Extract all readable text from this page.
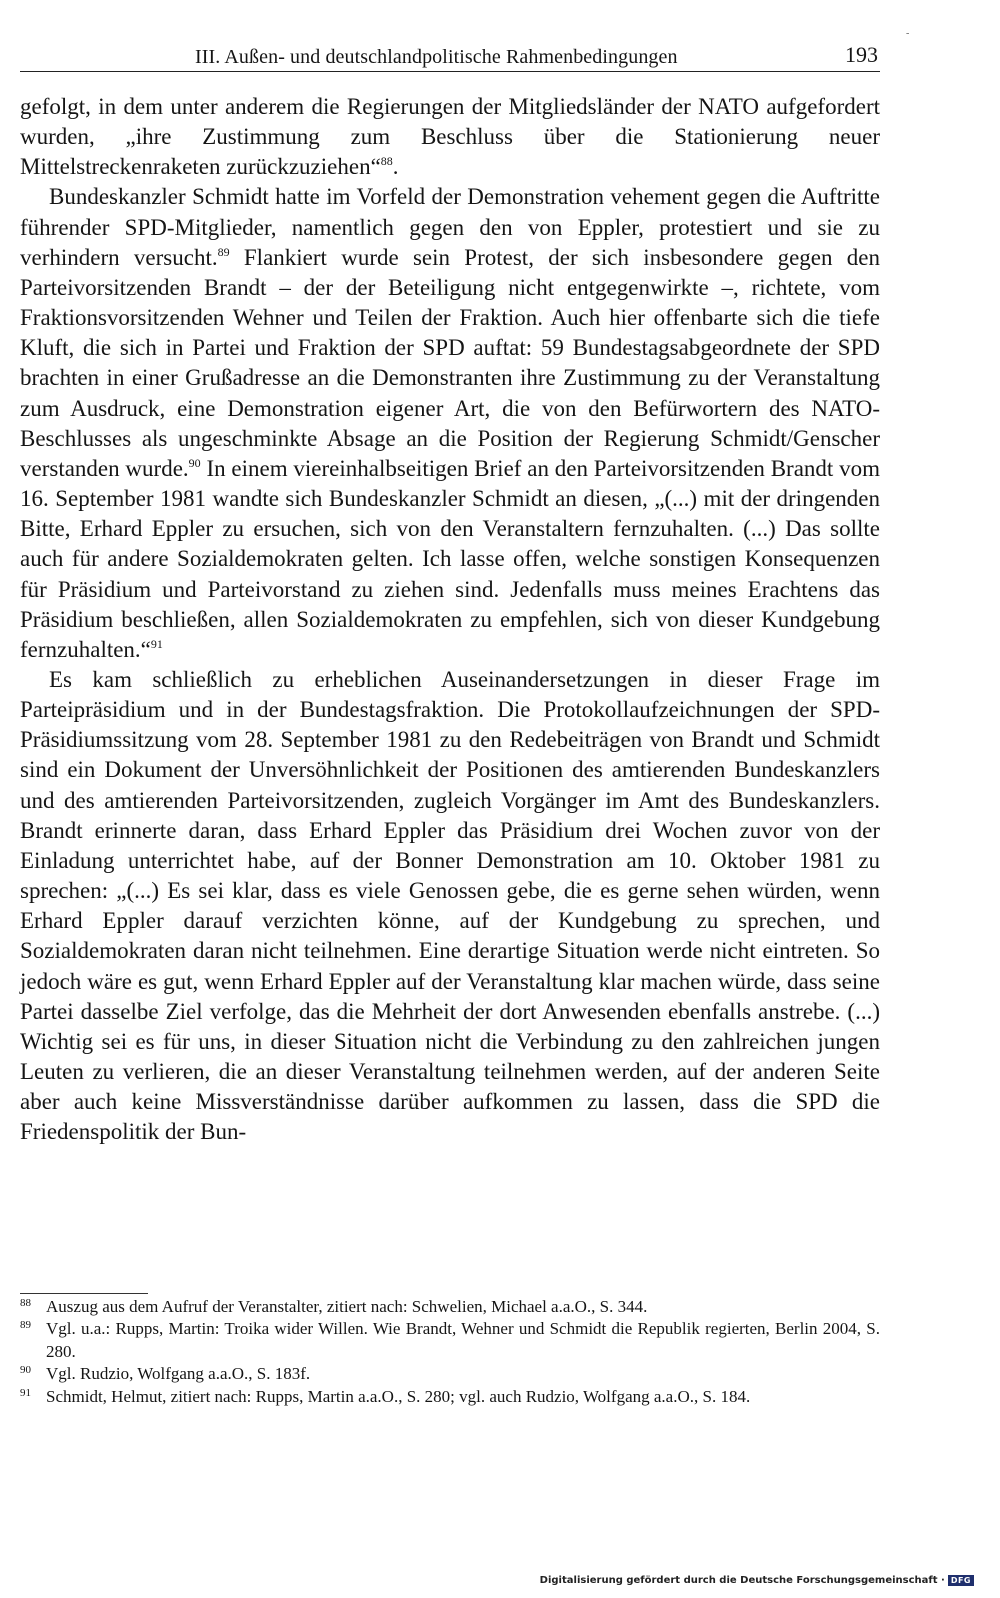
III. Außen- und deutschlandpolitische Rahmenbedingungen	193
-

gefolgt, in dem unter anderem die Regierungen der Mitgliedsländer der NATO aufgefordert wurden, „ihre Zustimmung zum Beschluss über die Stationierung neuer Mittelstreckenraketen zurückzuziehen“$^{88}$.

Bundeskanzler Schmidt hatte im Vorfeld der Demonstration vehement gegen die Auftritte führender SPD-Mitglieder, namentlich gegen den von Eppler, protestiert und sie zu verhindern versucht.$^{89}$ Flankiert wurde sein Protest, der sich insbesondere gegen den Parteivorsitzenden Brandt – der der Beteiligung nicht entgegenwirkte –, richtete, vom Fraktionsvorsitzenden Wehner und Teilen der Fraktion. Auch hier offenbarte sich die tiefe Kluft, die sich in Partei und Fraktion der SPD auftat: 59 Bundestagsabgeordnete der SPD brachten in einer Grußadresse an die Demonstranten ihre Zustimmung zu der Veranstaltung zum Ausdruck, eine Demonstration eigener Art, die von den Befürwortern des NATO-Beschlusses als ungeschminkte Absage an die Position der Regierung Schmidt/Genscher verstanden wurde.$^{90}$ In einem viereinhalbseitigen Brief an den Parteivorsitzenden Brandt vom 16. September 1981 wandte sich Bundeskanzler Schmidt an diesen, „(...) mit der dringenden Bitte, Erhard Eppler zu ersuchen, sich von den Veranstaltern fernzuhalten. (...) Das sollte auch für andere Sozialdemokraten gelten. Ich lasse offen, welche sonstigen Konsequenzen für Präsidium und Parteivorstand zu ziehen sind. Jedenfalls muss meines Erachtens das Präsidium beschließen, allen Sozialdemokraten zu empfehlen, sich von dieser Kundgebung fernzuhalten.“$^{91}$

Es kam schließlich zu erheblichen Auseinandersetzungen in dieser Frage im Parteipräsidium und in der Bundestagsfraktion. Die Protokollaufzeichnungen der SPD-Präsidiumssitzung vom 28. September 1981 zu den Redebeiträgen von Brandt und Schmidt sind ein Dokument der Unversöhnlichkeit der Positionen des amtierenden Bundeskanzlers und des amtierenden Parteivorsitzenden, zugleich Vorgänger im Amt des Bundeskanzlers. Brandt erinnerte daran, dass Erhard Eppler das Präsidium drei Wochen zuvor von der Einladung unterrichtet habe, auf der Bonner Demonstration am 10. Oktober 1981 zu sprechen: „(...) Es sei klar, dass es viele Genossen gebe, die es gerne sehen würden, wenn Erhard Eppler darauf verzichten könne, auf der Kundgebung zu sprechen, und Sozialdemokraten daran nicht teilnehmen. Eine derartige Situation werde nicht eintreten. So jedoch wäre es gut, wenn Erhard Eppler auf der Veranstaltung klar machen würde, dass seine Partei dasselbe Ziel verfolge, das die Mehrheit der dort Anwesenden ebenfalls anstrebe. (...) Wichtig sei es für uns, in dieser Situation nicht die Verbindung zu den zahlreichen jungen Leuten zu verlieren, die an dieser Veranstaltung teilnehmen werden, auf der anderen Seite aber auch keine Missverständnisse darüber aufkommen zu lassen, dass die SPD die Friedenspolitik der Bun-

88 Auszug aus dem Aufruf der Veranstalter, zitiert nach: Schwelien, Michael a.a.O., S. 344.
89 Vgl. u.a.: Rupps, Martin: Troika wider Willen. Wie Brandt, Wehner und Schmidt die Republik regierten, Berlin 2004, S. 280.
90 Vgl. Rudzio, Wolfgang a.a.O., S. 183f.
91 Schmidt, Helmut, zitiert nach: Rupps, Martin a.a.O., S. 280; vgl. auch Rudzio, Wolfgang a.a.O., S. 184.
Digitalisierung gefördert durch die Deutsche Forschungsgemeinschaft · DFG
